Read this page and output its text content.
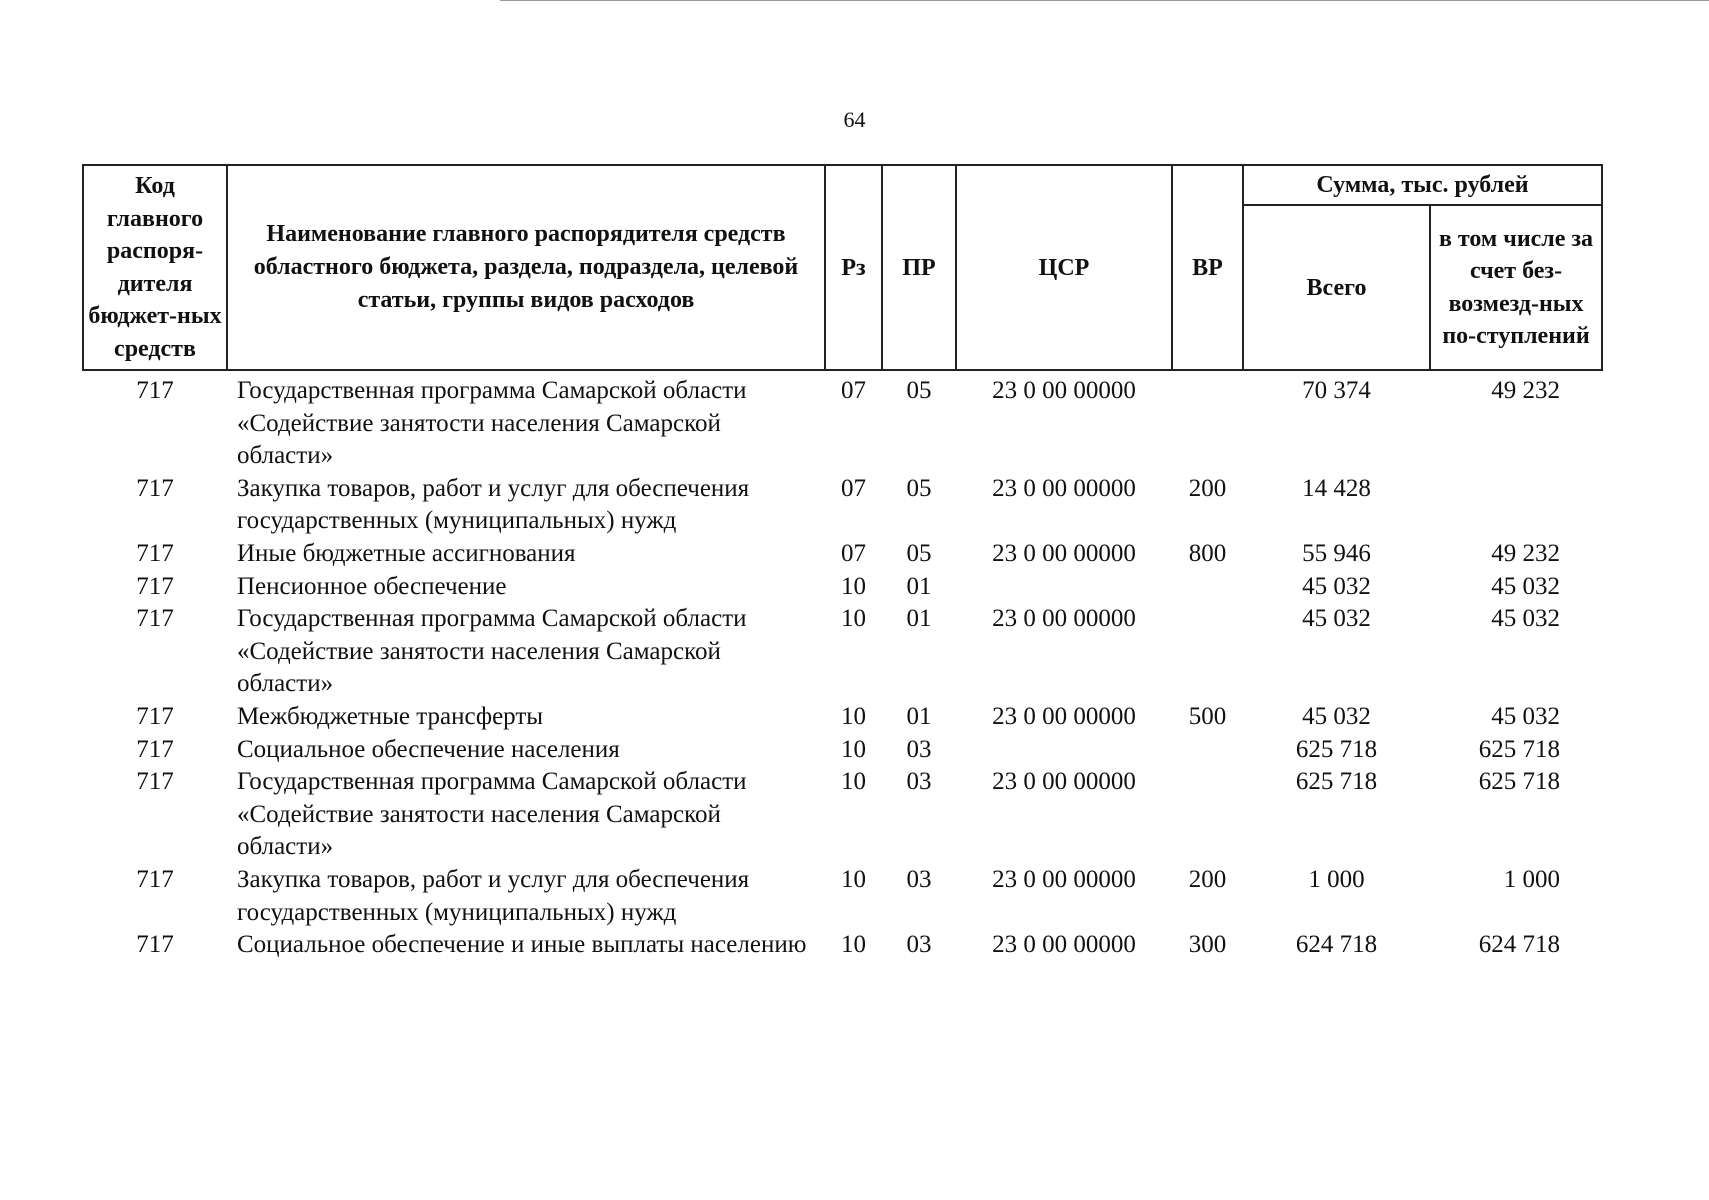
64
Код главного распоря-дителя бюджет-ных средств	Наименование главного распорядителя средств областного бюджета, раздела, подраздела, целевой статьи, группы видов расходов	Рз	ПР	ЦСР	ВР	Сумма, тыс. рублей	
						Всего	в том числе за счет без-возмезд-ных по-ступлений
717	Государственная программа Самарской области «Содействие занятости населения Самарской области»	07	05	23 0 00 00000		70 374	49 232
717	Закупка товаров, работ и услуг для обеспечения государственных (муниципальных) нужд	07	05	23 0 00 00000	200	14 428	
717	Иные бюджетные ассигнования	07	05	23 0 00 00000	800	55 946	49 232
717	Пенсионное обеспечение	10	01			45 032	45 032
717	Государственная программа Самарской области «Содействие занятости населения Самарской области»	10	01	23 0 00 00000		45 032	45 032
717	Межбюджетные трансферты	10	01	23 0 00 00000	500	45 032	45 032
717	Социальное обеспечение населения	10	03			625 718	625 718
717	Государственная программа Самарской области «Содействие занятости населения Самарской области»	10	03	23 0 00 00000		625 718	625 718
717	Закупка товаров, работ и услуг для обеспечения государственных (муниципальных) нужд	10	03	23 0 00 00000	200	1 000	1 000
717	Социальное обеспечение и иные выплаты населению	10	03	23 0 00 00000	300	624 718	624 718
